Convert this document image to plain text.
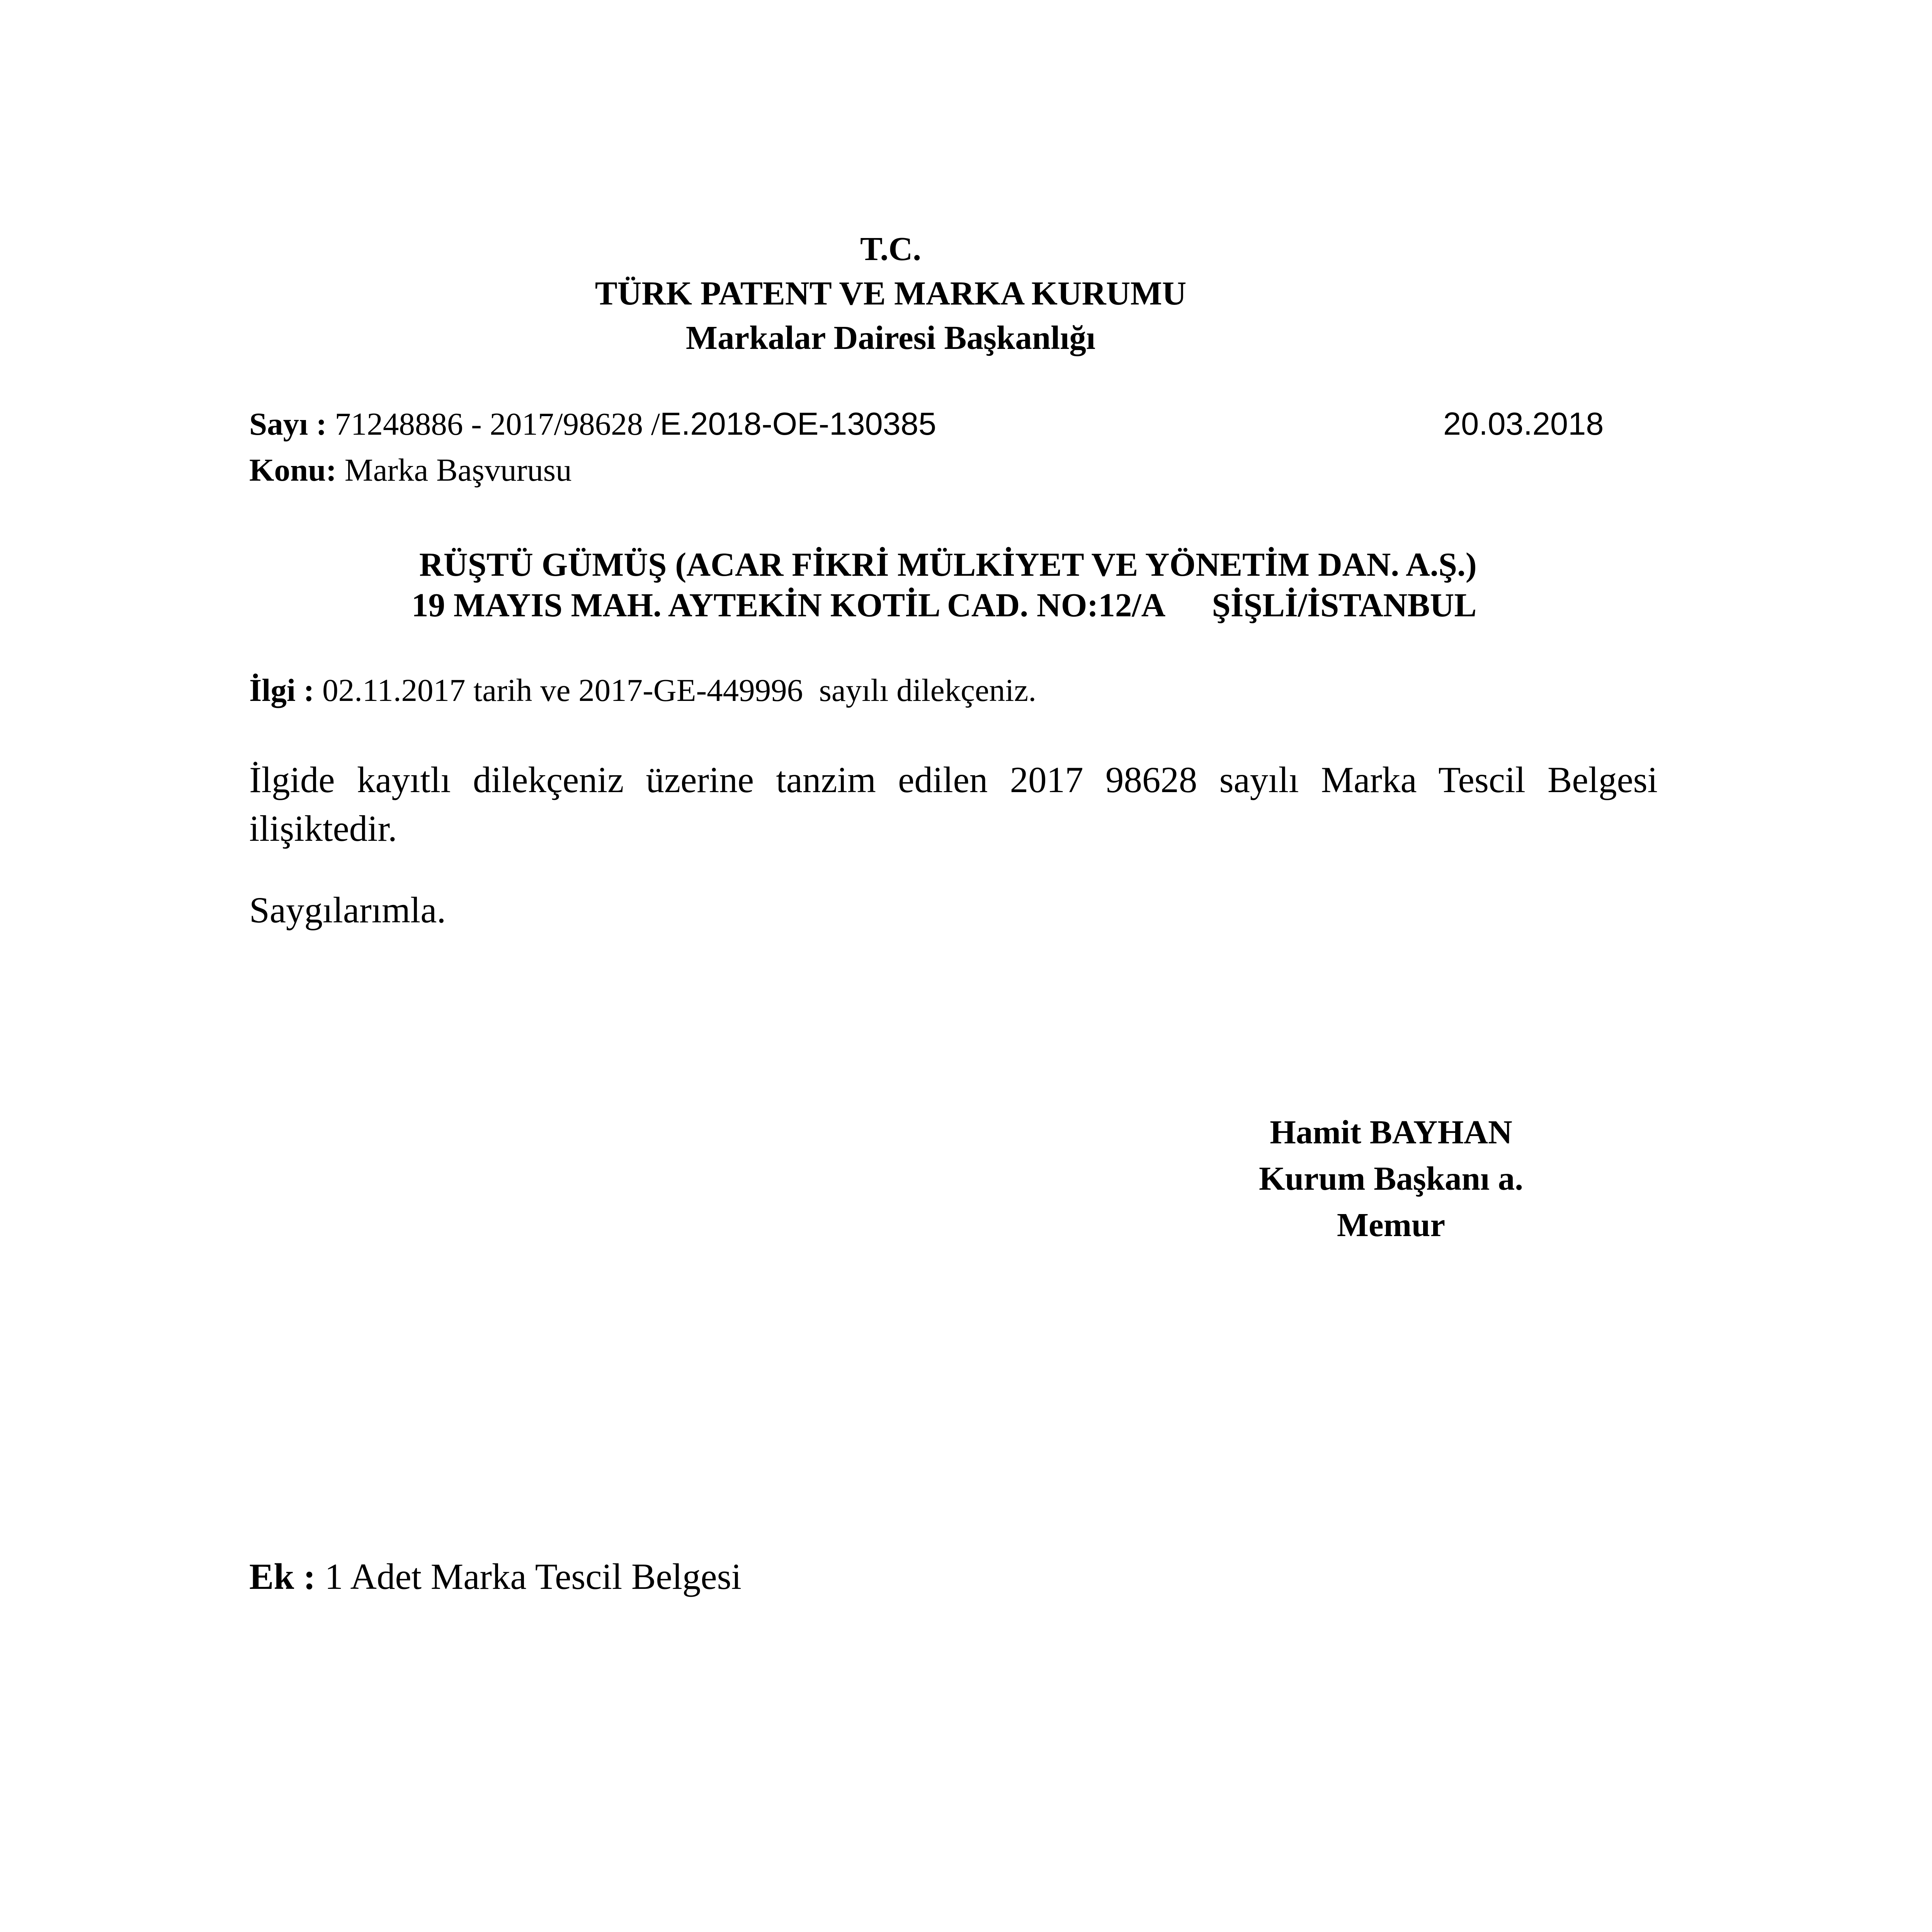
T.C.
TÜRK PATENT VE MARKA KURUMU
Markalar Dairesi Başkanlığı
Sayı : 71248886 - 2017/98628 /E.2018-OE-130385	20.03.2018
Konu: Marka Başvurusu
RÜŞTÜ GÜMÜŞ (ACAR FİKRİ MÜLKİYET VE YÖNETİM DAN. A.Ş.)
19 MAYIS MAH. AYTEKİN KOTİL CAD. NO:12/A ŞİŞLİ/İSTANBUL
İlgi : 02.11.2017 tarih ve 2017-GE-449996  sayılı dilekçeniz.
İlgide kayıtlı dilekçeniz üzerine tanzim edilen 2017 98628 sayılı Marka Tescil Belgesi ilişiktedir.
Saygılarımla.
Hamit BAYHAN
Kurum Başkanı a.
Memur
Ek : 1 Adet Marka Tescil Belgesi
